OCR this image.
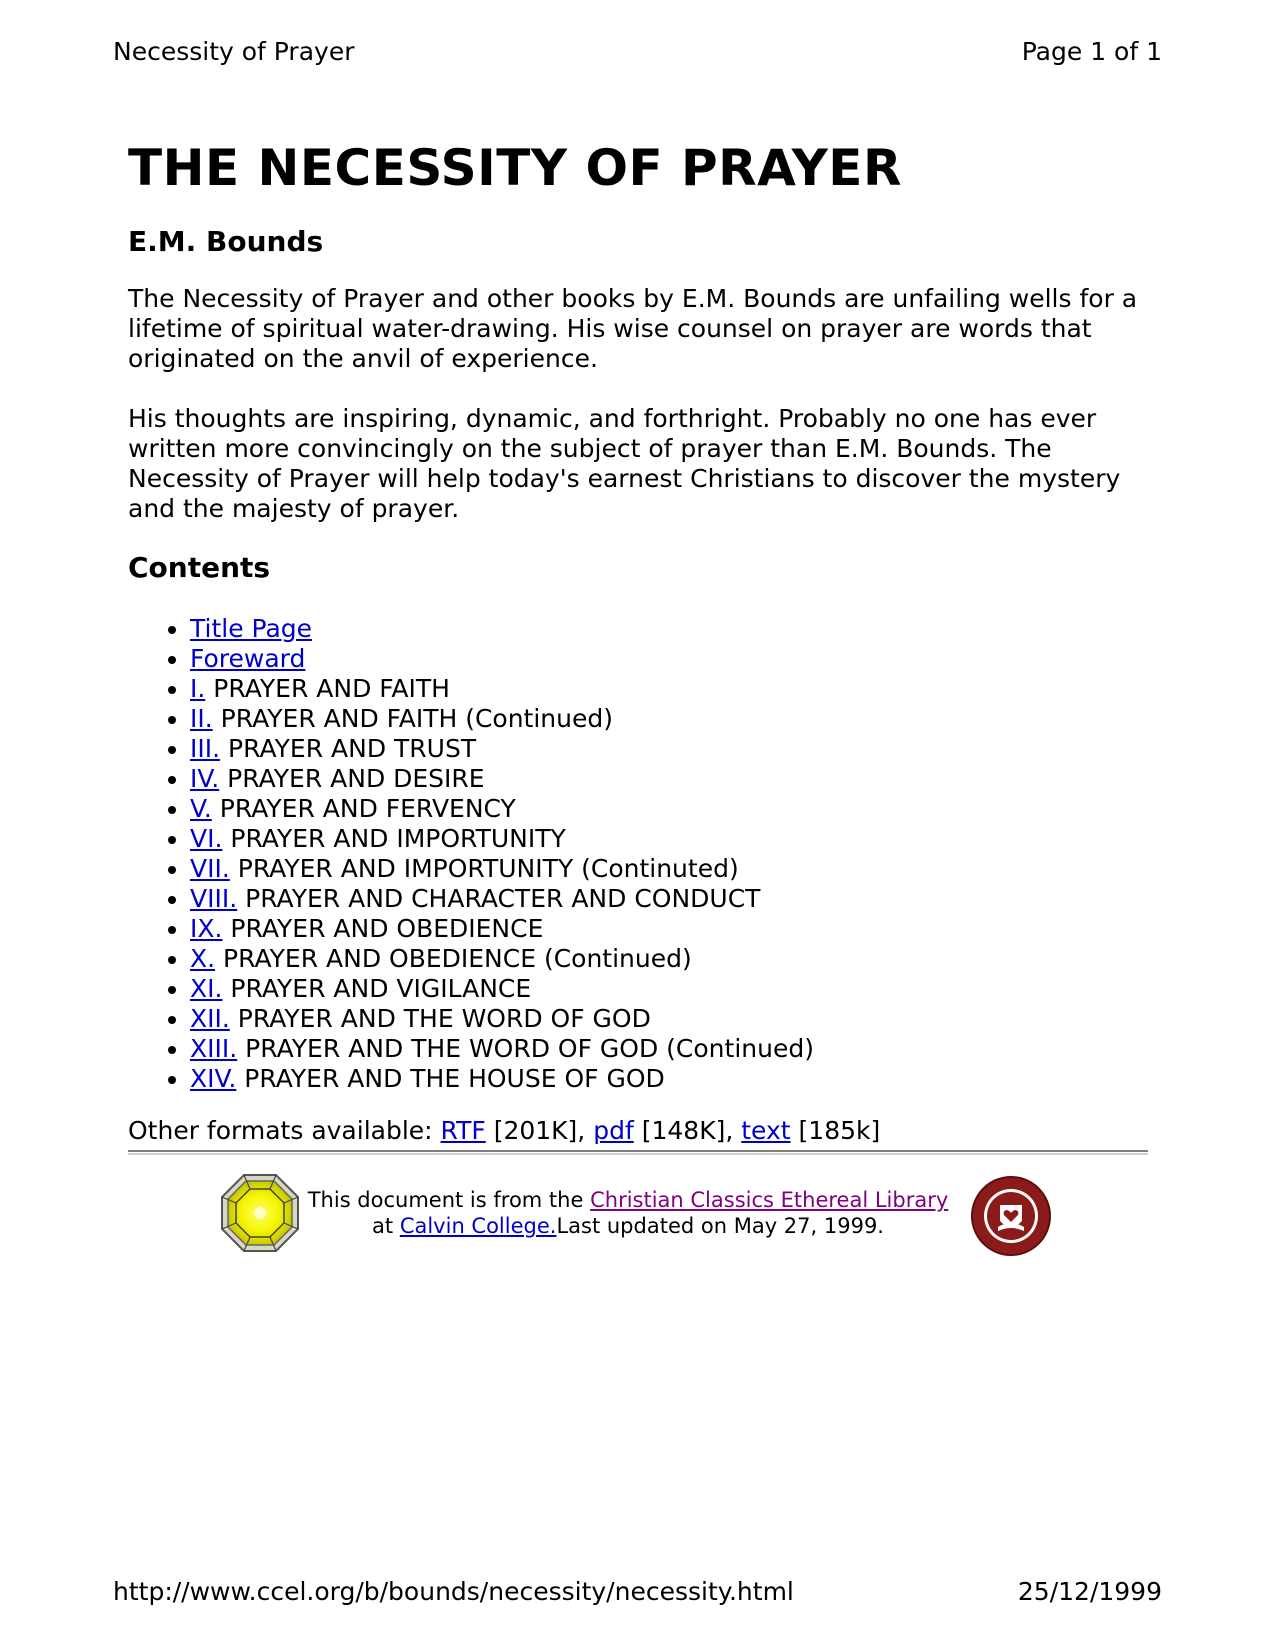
Necessity of Prayer	Page 1 of 1
THE NECESSITY OF PRAYER
E.M. Bounds

The Necessity of Prayer and other books by E.M. Bounds are unfailing wells for a lifetime of spiritual water-drawing. His wise counsel on prayer are words that originated on the anvil of experience.

His thoughts are inspiring, dynamic, and forthright. Probably no one has ever written more convincingly on the subject of prayer than E.M. Bounds. The Necessity of Prayer will help today's earnest Christians to discover the mystery and the majesty of prayer.

Contents
• Title Page
• Foreward
• I. PRAYER AND FAITH
• II. PRAYER AND FAITH (Continued)
• III. PRAYER AND TRUST
• IV. PRAYER AND DESIRE
• V. PRAYER AND FERVENCY
• VI. PRAYER AND IMPORTUNITY
• VII. PRAYER AND IMPORTUNITY (Continuted)
• VIII. PRAYER AND CHARACTER AND CONDUCT
• IX. PRAYER AND OBEDIENCE
• X. PRAYER AND OBEDIENCE (Continued)
• XI. PRAYER AND VIGILANCE
• XII. PRAYER AND THE WORD OF GOD
• XIII. PRAYER AND THE WORD OF GOD (Continued)
• XIV. PRAYER AND THE HOUSE OF GOD
Other formats available: RTF [201K], pdf [148K], text [185k]
This document is from the Christian Classics Ethereal Library
at Calvin College.Last updated on May 27, 1999.
http://www.ccel.org/b/bounds/necessity/necessity.html	25/12/1999
